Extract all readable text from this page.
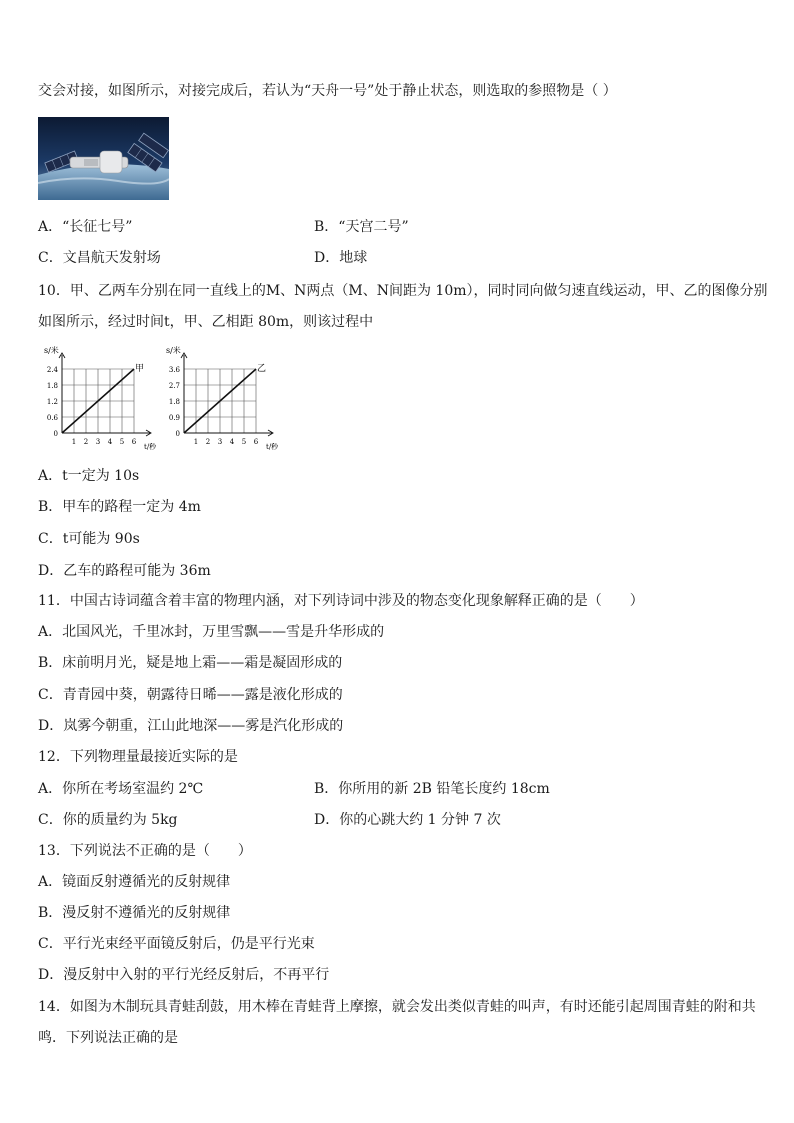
交会对接，如图所示，对接完成后，若认为“天舟一号”处于静止状态，则选取的参照物是（ ）
A．“长征七号”	B．“天宫二号”
C．文昌航天发射场	D．地球
10．甲、乙两车分别在同一直线上的M、N两点（M、N间距为 10m），同时同向做匀速直线运动，甲、乙的图像分别
如图所示，经过时间t，甲、乙相距 80m，则该过程中
s/米
甲
2.4
1.8
1.2
0.6
0
1 2 3 4 5 6
t/秒
s/米
乙
3.6
2.7
1.8
0.9
0
1 2 3 4 5 6
t/秒
A．t一定为 10s
B．甲车的路程一定为 4m
C．t可能为 90s
D．乙车的路程可能为 36m
11．中国古诗词蕴含着丰富的物理内涵，对下列诗词中涉及的物态变化现象解释正确的是（　　）
A．北国风光，千里冰封，万里雪飘——雪是升华形成的
B．床前明月光，疑是地上霜——霜是凝固形成的
C．青青园中葵，朝露待日晞——露是液化形成的
D．岚雾今朝重，江山此地深——雾是汽化形成的
12．下列物理量最接近实际的是
A．你所在考场室温约 2℃	B．你所用的新 2B 铅笔长度约 18cm
C．你的质量约为 5kg	D．你的心跳大约 1 分钟 7 次
13．下列说法不正确的是（　　）
A．镜面反射遵循光的反射规律
B．漫反射不遵循光的反射规律
C．平行光束经平面镜反射后，仍是平行光束
D．漫反射中入射的平行光经反射后，不再平行
14．如图为木制玩具青蛙刮鼓，用木棒在青蛙背上摩擦，就会发出类似青蛙的叫声，有时还能引起周围青蛙的附和共
鸣．下列说法正确的是
